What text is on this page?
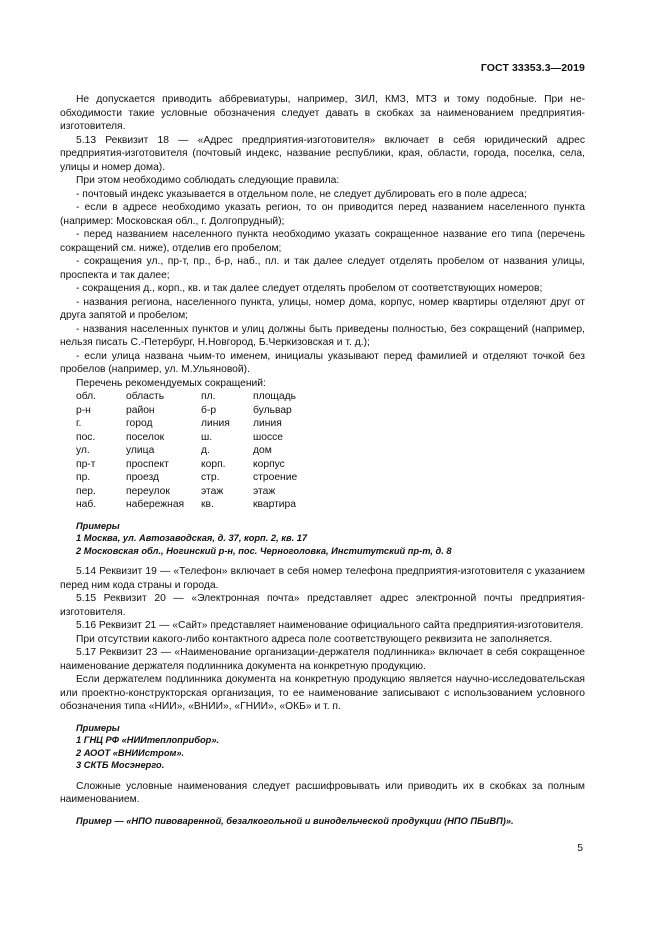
ГОСТ 33353.3—2019

Не допускается приводить аббревиатуры, например, ЗИЛ, КМЗ, МТЗ и тому подобные. При необходимости такие условные обозначения следует давать в скобках за наименованием предприятия-изготовителя.

5.13 Реквизит 18 — «Адрес предприятия-изготовителя» включает в себя юридический адрес предприятия-изготовителя (почтовый индекс, название республики, края, области, города, поселка, села, улицы и номер дома).

При этом необходимо соблюдать следующие правила:

- почтовый индекс указывается в отдельном поле, не следует дублировать его в поле адреса;

- если в адресе необходимо указать регион, то он приводится перед названием населенного пункта (например: Московская обл., г. Долгопрудный);

- перед названием населенного пункта необходимо указать сокращенное название его типа (перечень сокращений см. ниже), отделив его пробелом;

- сокращения ул., пр-т, пр., б-р, наб., пл. и так далее следует отделять пробелом от названия улицы, проспекта и так далее;

- сокращения д., корп., кв. и так далее следует отделять пробелом от соответствующих номеров;

- названия региона, населенного пункта, улицы, номер дома, корпус, номер квартиры отделяют друг от друга запятой и пробелом;

- названия населенных пунктов и улиц должны быть приведены полностью, без сокращений (например, нельзя писать С.-Петербург, Н.Новгород, Б.Черкизовская и т. д.);

- если улица названа чьим-то именем, инициалы указывают перед фамилией и отделяют точкой без пробелов (например, ул. М.Ульяновой).

Перечень рекомендуемых сокращений:

обл.	область	пл.	площадь
р-н	район	б-р	бульвар
г.	город	линия	линия
пос.	поселок	ш.	шоссе
ул.	улица	д.	дом
пр-т	проспект	корп.	корпус
пр.	проезд	стр.	строение
пер.	переулок	этаж	этаж
наб.	набережная	кв.	квартира
Примеры
1 Москва, ул. Автозаводская, д. 37, корп. 2, кв. 17
2 Московская обл., Ногинский р-н, пос. Черноголовка, Институтский пр-т, д. 8

5.14 Реквизит 19 — «Телефон» включает в себя номер телефона предприятия-изготовителя с указанием перед ним кода страны и города.

5.15 Реквизит 20 — «Электронная почта» представляет адрес электронной почты предприятия-изготовителя.

5.16 Реквизит 21 — «Сайт» представляет наименование официального сайта предприятия-изготовителя.

При отсутствии какого-либо контактного адреса поле соответствующего реквизита не заполняется.

5.17 Реквизит 23 — «Наименование организации-держателя подлинника» включает в себя сокращенное наименование держателя подлинника документа на конкретную продукцию.

Если держателем подлинника документа на конкретную продукцию является научно-исследовательская или проектно-конструкторская организация, то ее наименование записывают с использованием условного обозначения типа «НИИ», «ВНИИ», «ГНИИ», «ОКБ» и т. п.

Примеры
1 ГНЦ РФ «НИИтеплоприбор».
2 АООТ «ВНИИстром».
3 СКТБ Мосэнерго.

Сложные условные наименования следует расшифровывать или приводить их в скобках за полным наименованием.

Пример — «НПО пивоваренной, безалкогольной и винодельческой продукции (НПО ПБиВП)».
5
